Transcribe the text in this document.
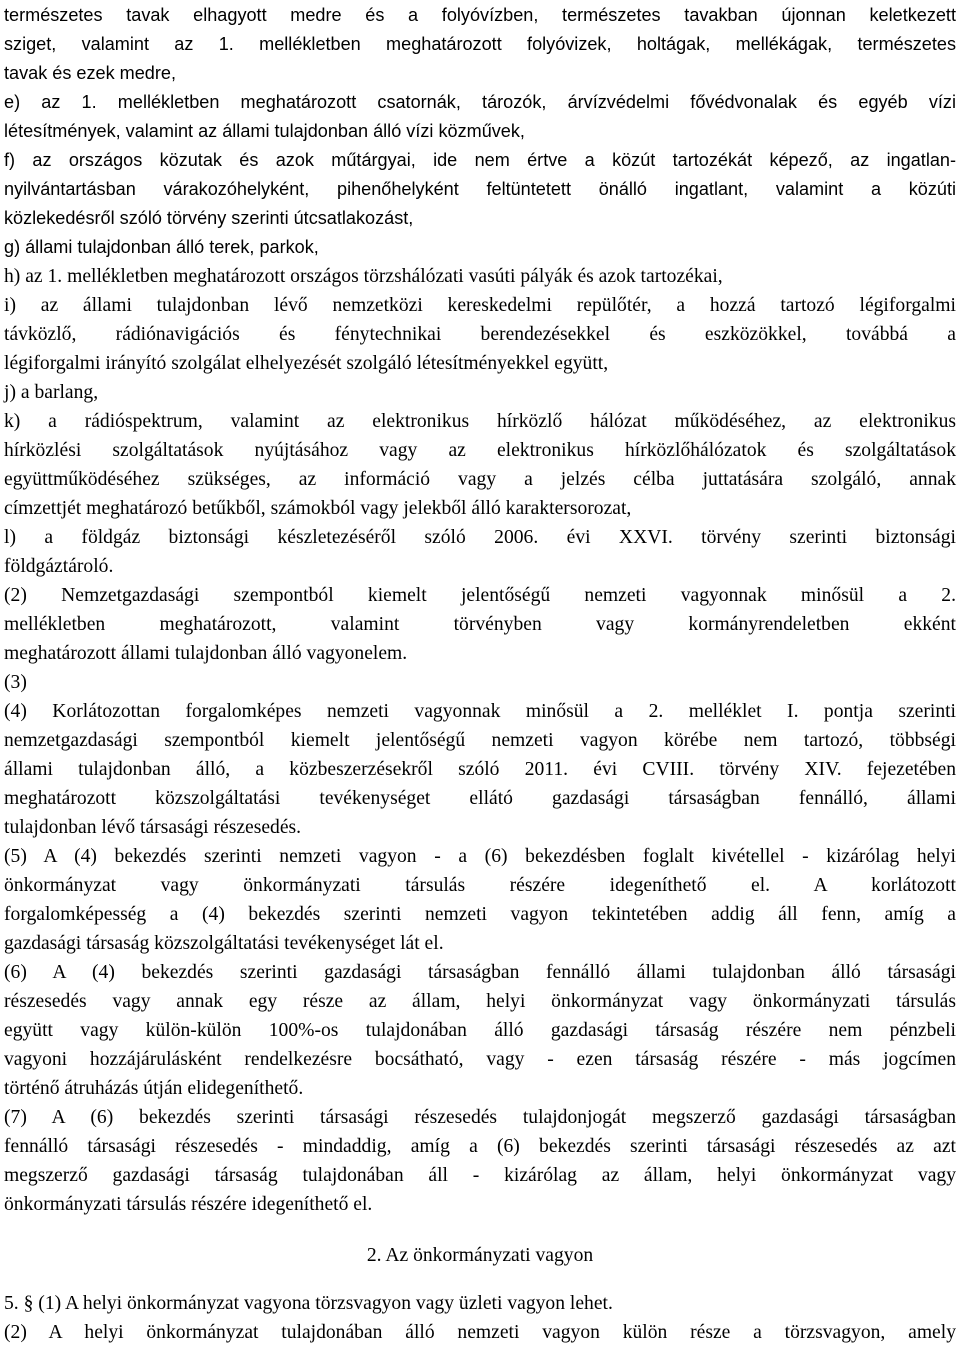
természetes tavak elhagyott medre és a folyóvízben, természetes tavakban újonnan keletkezett
sziget, valamint az 1. mellékletben meghatározott folyóvizek, holtágak, mellékágak, természetes
tavak és ezek medre,
e) az 1. mellékletben meghatározott csatornák, tározók, árvízvédelmi fővédvonalak és egyéb vízi
létesítmények, valamint az állami tulajdonban álló vízi közművek,
f) az országos közutak és azok műtárgyai, ide nem értve a közút tartozékát képező, az ingatlan-
nyilvántartásban várakozóhelyként, pihenőhelyként feltüntetett önálló ingatlant, valamint a közúti
közlekedésről szóló törvény szerinti útcsatlakozást,
g) állami tulajdonban álló terek, parkok,
h) az 1. mellékletben meghatározott országos törzshálózati vasúti pályák és azok tartozékai,
i) az állami tulajdonban lévő nemzetközi kereskedelmi repülőtér, a hozzá tartozó légiforgalmi
távközlő, rádiónavigációs és fénytechnikai berendezésekkel és eszközökkel, továbbá a
légiforgalmi irányító szolgálat elhelyezését szolgáló létesítményekkel együtt,
j) a barlang,
k) a rádióspektrum, valamint az elektronikus hírközlő hálózat működéséhez, az elektronikus
hírközlési szolgáltatások nyújtásához vagy az elektronikus hírközlőhálózatok és szolgáltatások
együttműködéséhez szükséges, az információ vagy a jelzés célba juttatására szolgáló, annak
címzettjét meghatározó betűkből, számokból vagy jelekből álló karaktersorozat,
l) a földgáz biztonsági készletezéséről szóló 2006. évi XXVI. törvény szerinti biztonsági
földgáztároló.
(2) Nemzetgazdasági szempontból kiemelt jelentőségű nemzeti vagyonnak minősül a 2.
mellékletben meghatározott, valamint törvényben vagy kormányrendeletben ekként
meghatározott állami tulajdonban álló vagyonelem.
(3)
(4) Korlátozottan forgalomképes nemzeti vagyonnak minősül a 2. melléklet I. pontja szerinti
nemzetgazdasági szempontból kiemelt jelentőségű nemzeti vagyon körébe nem tartozó, többségi
állami tulajdonban álló, a közbeszerzésekről szóló 2011. évi CVIII. törvény XIV. fejezetében
meghatározott közszolgáltatási tevékenységet ellátó gazdasági társaságban fennálló, állami
tulajdonban lévő társasági részesedés.
(5) A (4) bekezdés szerinti nemzeti vagyon - a (6) bekezdésben foglalt kivétellel - kizárólag helyi
önkormányzat vagy önkormányzati társulás részére idegeníthető el. A korlátozott
forgalomképesség a (4) bekezdés szerinti nemzeti vagyon tekintetében addig áll fenn, amíg a
gazdasági társaság közszolgáltatási tevékenységet lát el.
(6) A (4) bekezdés szerinti gazdasági társaságban fennálló állami tulajdonban álló társasági
részesedés vagy annak egy része az állam, helyi önkormányzat vagy önkormányzati társulás
együtt vagy külön-külön 100%-os tulajdonában álló gazdasági társaság részére nem pénzbeli
vagyoni hozzájárulásként rendelkezésre bocsátható, vagy - ezen társaság részére - más jogcímen
történő átruházás útján elidegeníthető.
(7) A (6) bekezdés szerinti társasági részesedés tulajdonjogát megszerző gazdasági társaságban
fennálló társasági részesedés - mindaddig, amíg a (6) bekezdés szerinti társasági részesedés az azt
megszerző gazdasági társaság tulajdonában áll - kizárólag az állam, helyi önkormányzat vagy
önkormányzati társulás részére idegeníthető el.
2. Az önkormányzati vagyon
5. § (1) A helyi önkormányzat vagyona törzsvagyon vagy üzleti vagyon lehet.
(2) A helyi önkormányzat tulajdonában álló nemzeti vagyon külön része a törzsvagyon, amely
